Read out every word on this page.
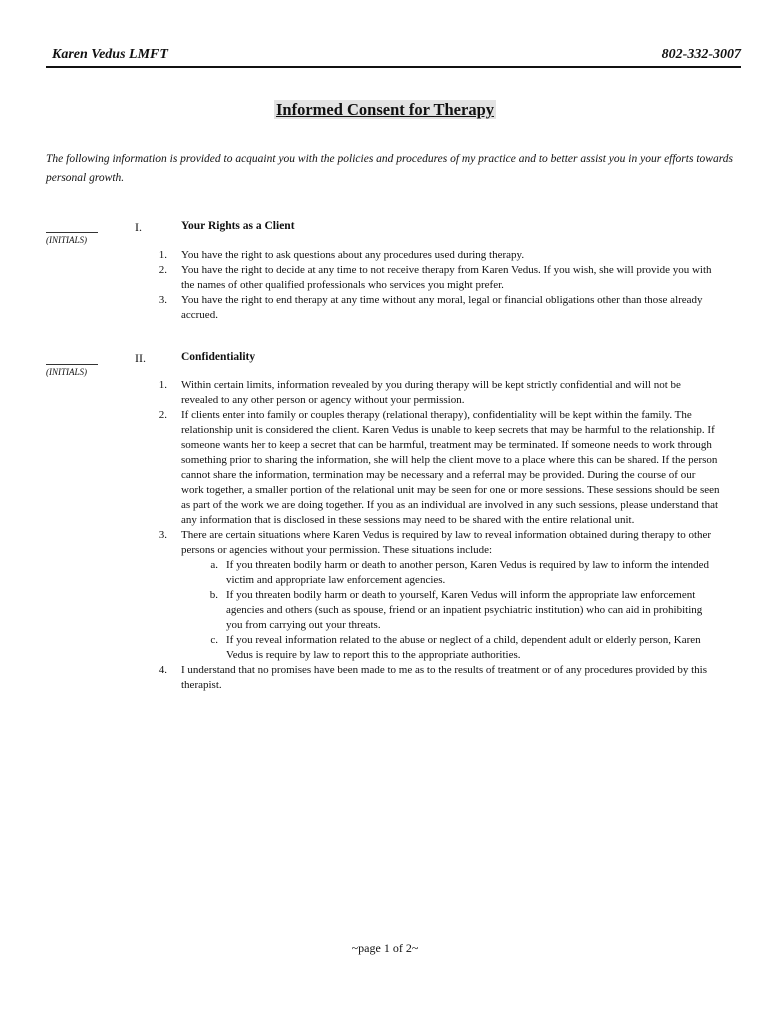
Karen Vedus LMFT	802-332-3007
Informed Consent for Therapy
The following information is provided to acquaint you with the policies and procedures of my practice and to better assist you in your efforts towards personal growth.
(INITIALS)
I.	Your Rights as a Client
1. You have the right to ask questions about any procedures used during therapy.
2. You have the right to decide at any time to not receive therapy from Karen Vedus. If you wish, she will provide you with the names of other qualified professionals who services you might prefer.
3. You have the right to end therapy at any time without any moral, legal or financial obligations other than those already accrued.
(INITIALS)
II.	Confidentiality
1. Within certain limits, information revealed by you during therapy will be kept strictly confidential and will not be revealed to any other person or agency without your permission.
2. If clients enter into family or couples therapy (relational therapy), confidentiality will be kept within the family. The relationship unit is considered the client. Karen Vedus is unable to keep secrets that may be harmful to the relationship. If someone wants her to keep a secret that can be harmful, treatment may be terminated. If someone needs to work through something prior to sharing the information, she will help the client move to a place where this can be shared. If the person cannot share the information, termination may be necessary and a referral may be provided. During the course of our work together, a smaller portion of the relational unit may be seen for one or more sessions. These sessions should be seen as part of the work we are doing together. If you as an individual are involved in any such sessions, please understand that any information that is disclosed in these sessions may need to be shared with the entire relational unit.
3. There are certain situations where Karen Vedus is required by law to reveal information obtained during therapy to other persons or agencies without your permission. These situations include:
a. If you threaten bodily harm or death to another person, Karen Vedus is required by law to inform the intended victim and appropriate law enforcement agencies.
b. If you threaten bodily harm or death to yourself, Karen Vedus will inform the appropriate law enforcement agencies and others (such as spouse, friend or an inpatient psychiatric institution) who can aid in prohibiting you from carrying out your threats.
c. If you reveal information related to the abuse or neglect of a child, dependent adult or elderly person, Karen Vedus is require by law to report this to the appropriate authorities.
4. I understand that no promises have been made to me as to the results of treatment or of any procedures provided by this therapist.
~page 1 of 2~
